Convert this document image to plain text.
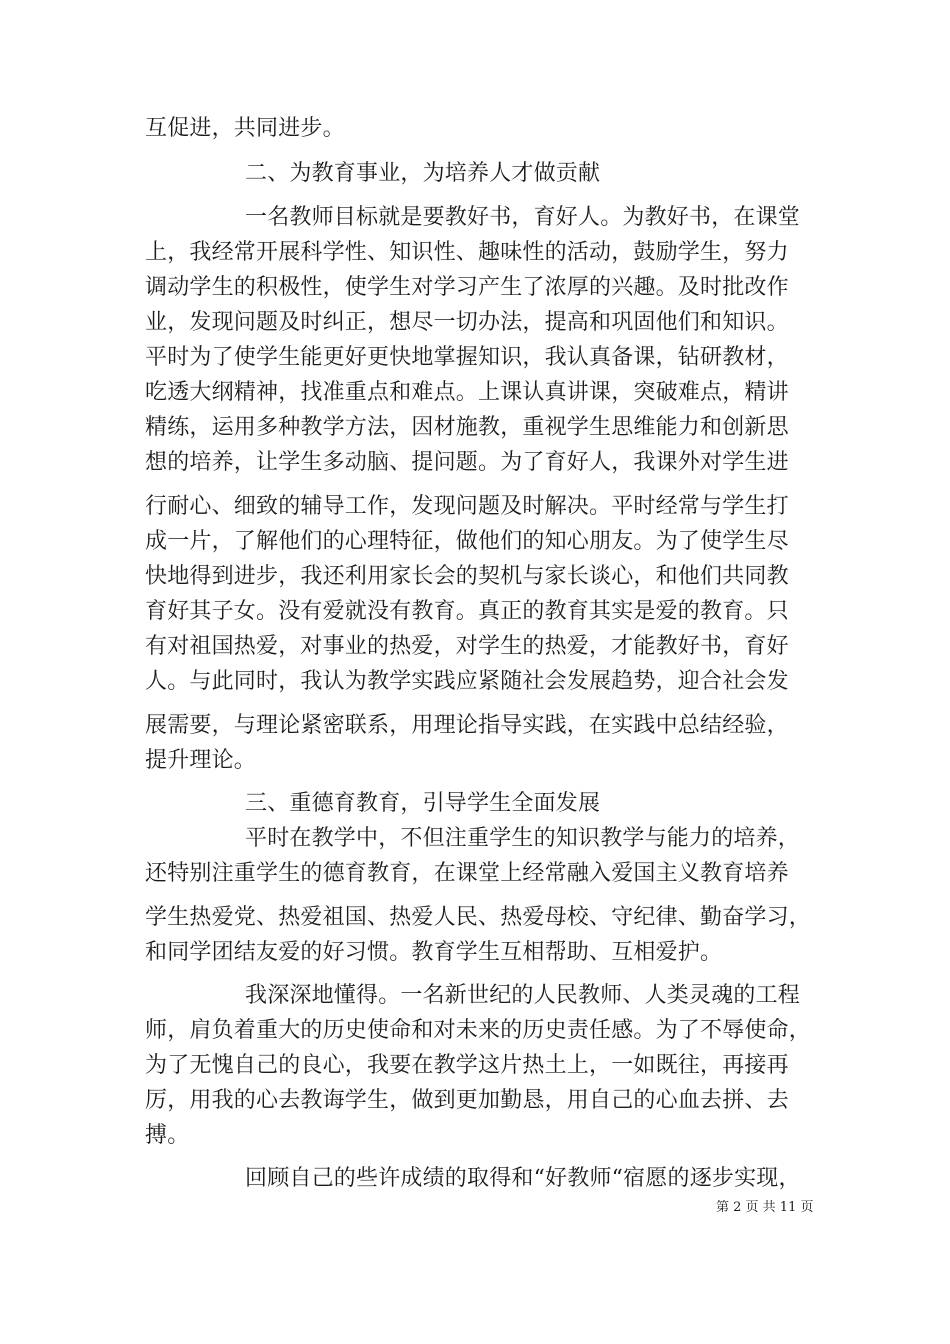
互促进，共同进步。
二、为教育事业，为培养人才做贡献
一名教师目标就是要教好书，育好人。为教好书，在课堂
上，我经常开展科学性、知识性、趣味性的活动，鼓励学生，努力
调动学生的积极性，使学生对学习产生了浓厚的兴趣。及时批改作
业，发现问题及时纠正，想尽一切办法，提高和巩固他们和知识。
平时为了使学生能更好更快地掌握知识，我认真备课，钻研教材，
吃透大纲精神，找准重点和难点。上课认真讲课，突破难点，精讲
精练，运用多种教学方法，因材施教，重视学生思维能力和创新思
想的培养，让学生多动脑、提问题。为了育好人，我课外对学生进
行耐心、细致的辅导工作，发现问题及时解决。平时经常与学生打
成一片，了解他们的心理特征，做他们的知心朋友。为了使学生尽
快地得到进步，我还利用家长会的契机与家长谈心，和他们共同教
育好其子女。没有爱就没有教育。真正的教育其实是爱的教育。只
有对祖国热爱，对事业的热爱，对学生的热爱，才能教好书，育好
人。与此同时，我认为教学实践应紧随社会发展趋势，迎合社会发
展需要，与理论紧密联系，用理论指导实践，在实践中总结经验，
提升理论。
三、重德育教育，引导学生全面发展
平时在教学中，不但注重学生的知识教学与能力的培养，
还特别注重学生的德育教育，在课堂上经常融入爱国主义教育培养
学生热爱党、热爱祖国、热爱人民、热爱母校、守纪律、勤奋学习，
和同学团结友爱的好习惯。教育学生互相帮助、互相爱护。
我深深地懂得。一名新世纪的人民教师、人类灵魂的工程
师，肩负着重大的历史使命和对未来的历史责任感。为了不辱使命，
为了无愧自己的良心，我要在教学这片热土上，一如既往，再接再
厉，用我的心去教诲学生，做到更加勤恳，用自己的心血去拼、去
搏。
回顾自己的些许成绩的取得和“好教师“宿愿的逐步实现，
第 2 页 共 11 页
